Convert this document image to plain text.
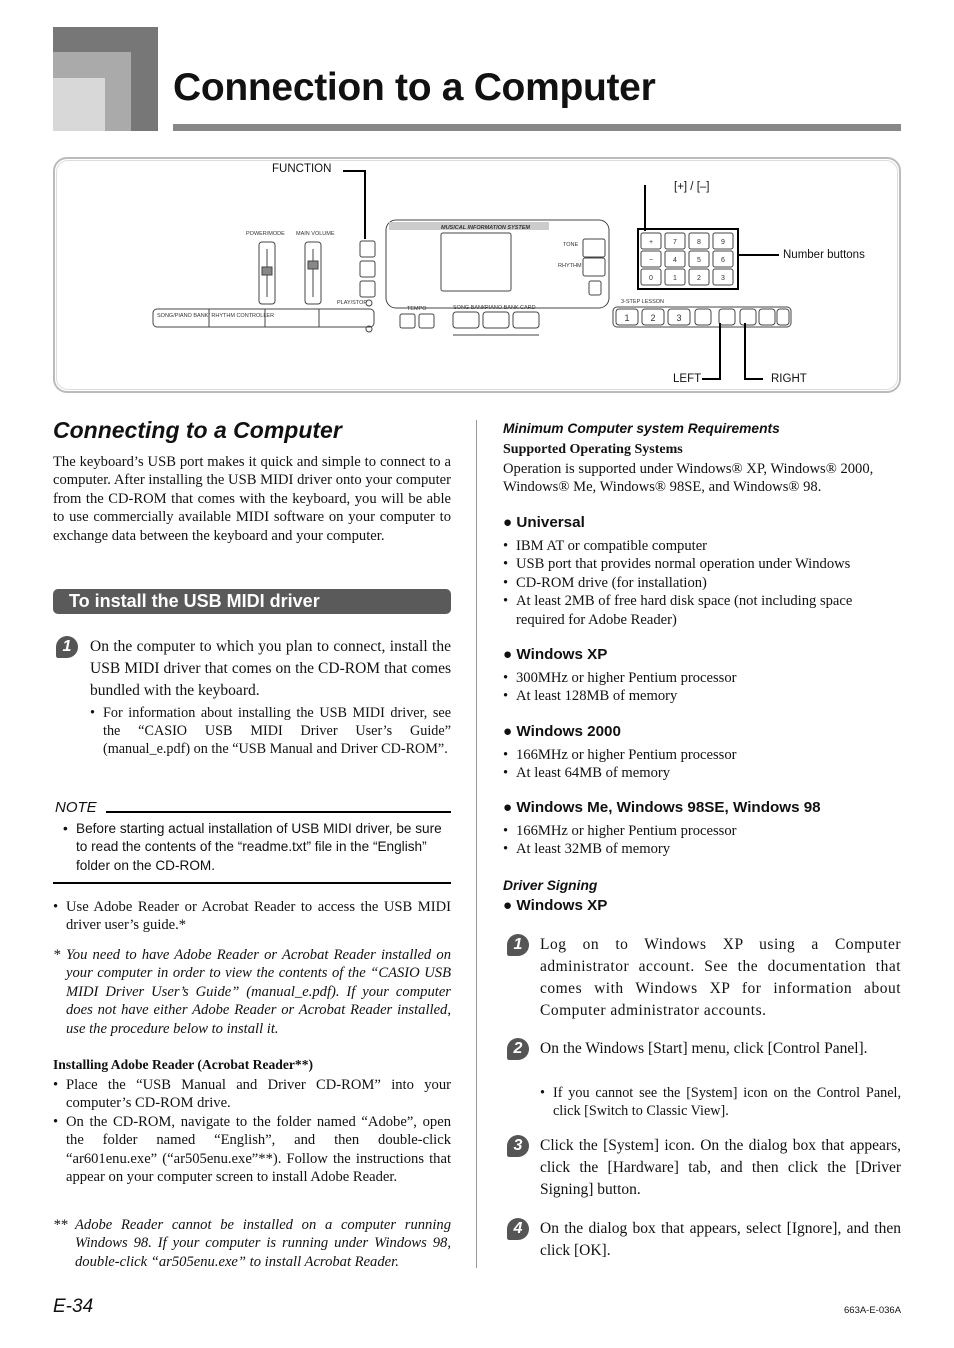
Connection to a Computer
POWER/MODE MAIN VOLUME
TONE
RHYTHM
3-STEP LESSON
SONG BANK PIANO BANK CARD
TEMPO
PLAY/STOP
SONG/PIANO BANK/ RHYTHM CONTROLLER
MUSICAL INFORMATION SYSTEM
7	8	9
4	5	6
0	1	2	3
+
−
1 2 3
FUNCTION
[+] / [–]
Number buttons
LEFT	RIGHT
Connecting to a Computer
The keyboard’s USB port makes it quick and simple to connect to a computer. After installing the USB MIDI driver onto your computer from the CD-ROM that comes with the keyboard, you will be able to use commercially available MIDI software on your computer to exchange data between the keyboard and your computer.
To install the USB MIDI driver
1	On the computer to which you plan to connect, install the USB MIDI driver that comes on the CD-ROM that comes bundled with the keyboard.
• For information about installing the USB MIDI driver, see the “CASIO USB MIDI Driver User’s Guide” (manual_e.pdf) on the “USB Manual and Driver CD-ROM”.
NOTE
• Before starting actual installation of USB MIDI driver, be sure to read the contents of the “readme.txt” file in the “English” folder on the CD-ROM.
• Use Adobe Reader or Acrobat Reader to access the USB MIDI driver user’s guide.*
* You need to have Adobe Reader or Acrobat Reader installed on your computer in order to view the contents of the “CASIO USB MIDI Driver User’s Guide” (manual_e.pdf). If your computer does not have either Adobe Reader or Acrobat Reader installed, use the procedure below to install it.
Installing Adobe Reader (Acrobat Reader**)
• Place the “USB Manual and Driver CD-ROM” into your computer’s CD-ROM drive.
• On the CD-ROM, navigate to the folder named “Adobe”, open the folder named “English”, and then double-click “ar601enu.exe” (“ar505enu.exe”**). Follow the instructions that appear on your computer screen to install Adobe Reader.
** Adobe Reader cannot be installed on a computer running Windows 98. If your computer is running under Windows 98, double-click “ar505enu.exe” to install Acrobat Reader.
Minimum Computer system Requirements
Supported Operating Systems
Operation is supported under Windows® XP, Windows® 2000, Windows® Me, Windows® 98SE, and Windows® 98.
● Universal
• IBM AT or compatible computer
• USB port that provides normal operation under Windows
• CD-ROM drive (for installation)
• At least 2MB of free hard disk space (not including space required for Adobe Reader)
● Windows XP
• 300MHz or higher Pentium processor
• At least 128MB of memory
● Windows 2000
• 166MHz or higher Pentium processor
• At least 64MB of memory
● Windows Me, Windows 98SE, Windows 98
• 166MHz or higher Pentium processor
• At least 32MB of memory
Driver Signing
● Windows XP
1	Log on to Windows XP using a Computer administrator account. See the documentation that comes with Windows XP for information about Computer administrator accounts.
2	On the Windows [Start] menu, click [Control Panel].
• If you cannot see the [System] icon on the Control Panel, click [Switch to Classic View].
3	Click the [System] icon. On the dialog box that appears, click the [Hardware] tab, and then click the [Driver Signing] button.
4	On the dialog box that appears, select [Ignore], and then click [OK].
E-34	663A-E-036A
